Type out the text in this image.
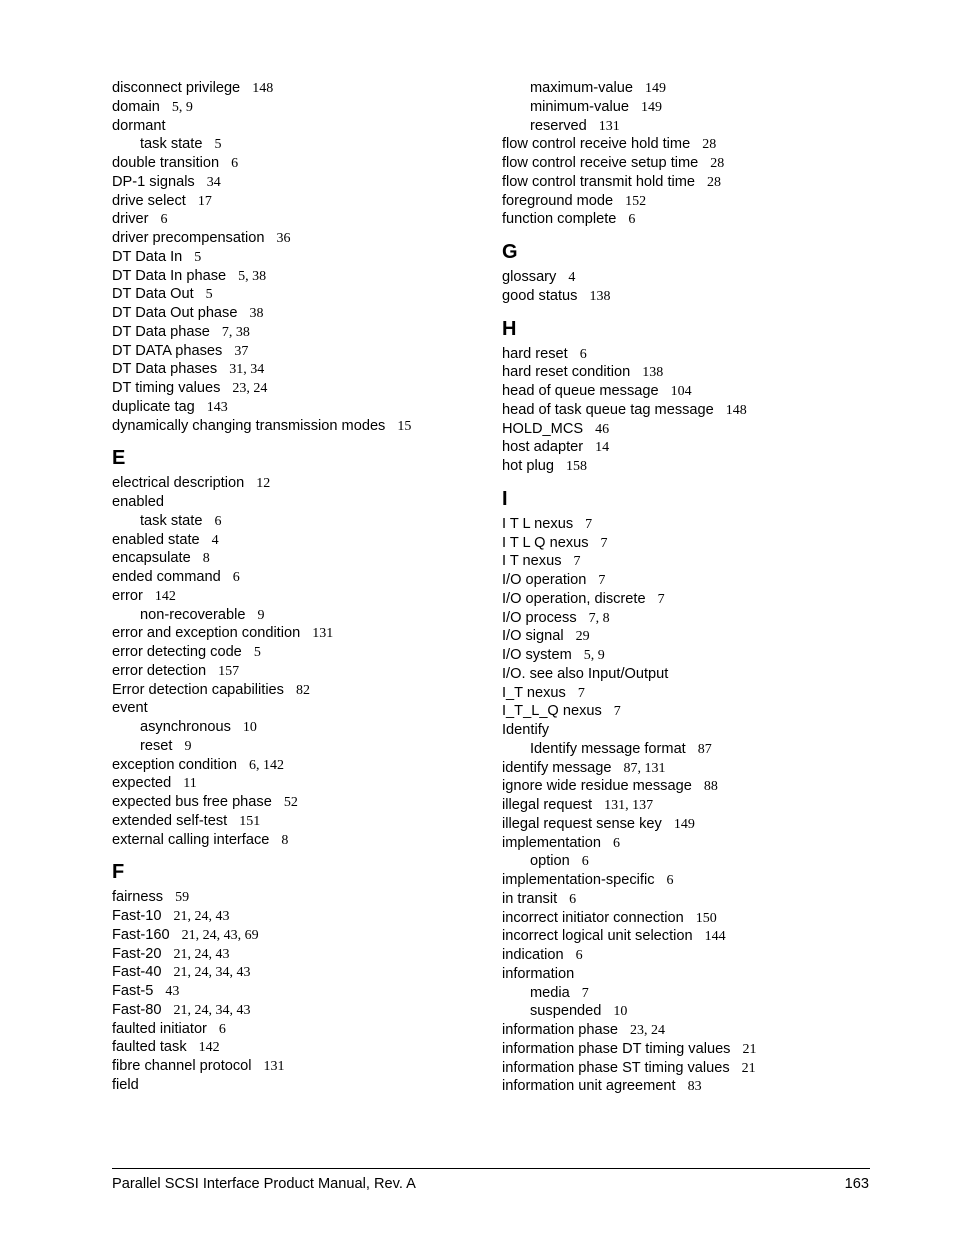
disconnect privilege 148
domain 5, 9
dormant
task state 5
double transition 6
DP-1 signals 34
drive select 17
driver 6
driver precompensation 36
DT Data In 5
DT Data In phase 5, 38
DT Data Out 5
DT Data Out phase 38
DT Data phase 7, 38
DT DATA phases 37
DT Data phases 31, 34
DT timing values 23, 24
duplicate tag 143
dynamically changing transmission modes 15
E
electrical description 12
enabled
task state 6
enabled state 4
encapsulate 8
ended command 6
error 142
non-recoverable 9
error and exception condition 131
error detecting code 5
error detection 157
Error detection capabilities 82
event
asynchronous 10
reset 9
exception condition 6, 142
expected 11
expected bus free phase 52
extended self-test 151
external calling interface 8
F
fairness 59
Fast-10 21, 24, 43
Fast-160 21, 24, 43, 69
Fast-20 21, 24, 43
Fast-40 21, 24, 34, 43
Fast-5 43
Fast-80 21, 24, 34, 43
faulted initiator 6
faulted task 142
fibre channel protocol 131
field
maximum-value 149
minimum-value 149
reserved 131
flow control receive hold time 28
flow control receive setup time 28
flow control transmit hold time 28
foreground mode 152
function complete 6
G
glossary 4
good status 138
H
hard reset 6
hard reset condition 138
head of queue message 104
head of task queue tag message 148
HOLD_MCS 46
host adapter 14
hot plug 158
I
I T L nexus 7
I T L Q nexus 7
I T nexus 7
I/O operation 7
I/O operation, discrete 7
I/O process 7, 8
I/O signal 29
I/O system 5, 9
I/O. see also Input/Output
I_T nexus 7
I_T_L_Q nexus 7
Identify
Identify message format 87
identify message 87, 131
ignore wide residue message 88
illegal request 131, 137
illegal request sense key 149
implementation 6
option 6
implementation-specific 6
in transit 6
incorrect initiator connection 150
incorrect logical unit selection 144
indication 6
information
media 7
suspended 10
information phase 23, 24
information phase DT timing values 21
information phase ST timing values 21
information unit agreement 83
Parallel SCSI Interface Product Manual, Rev. A	163
